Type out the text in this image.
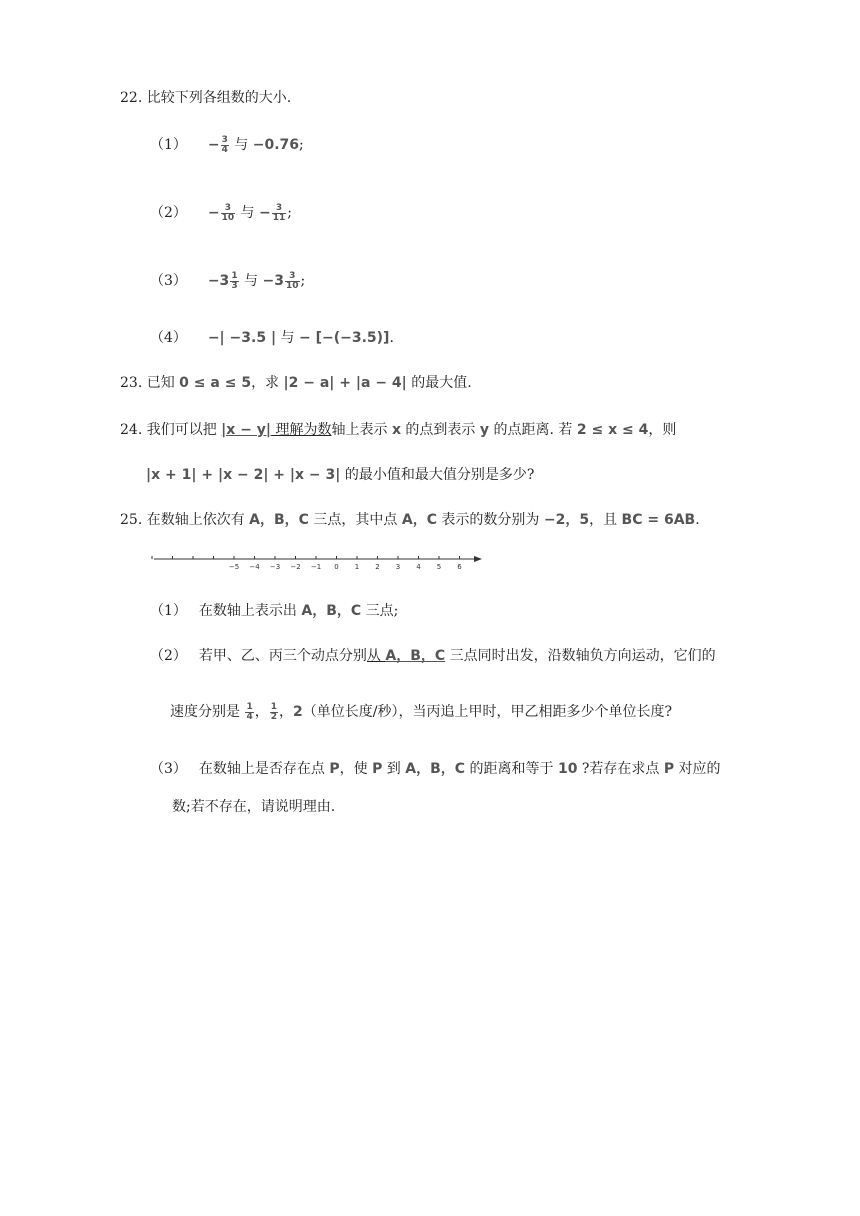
22. 比较下列各组数的大小.
$(1) - \frac{3}{4}$ 与 −0.76;
$(2) - \frac{3}{10}$ 与 − $\frac{3}{11}$ ;
$(3) -3 \frac{1}{3}$ 与 $-3 \frac{3}{10}$ ;
（4） −| −3.5 | 与 − [−(−3.5)].
23. 已知 0 ≤ a ≤ 5，求 |2 − a| + |a − 4| 的最大值.
24. 我们可以把 |x − y| 理解为数轴上表示 x 的点到表示 y 的点距离. 若 2 ≤ x ≤ 4，则
|x + 1| + |x − 2| + |x − 3| 的最小值和最大值分别是多少?
25. 在数轴上依次有 A，B，C 三点，其中点 A，C 表示的数分别为 −2，5，且 BC = 6AB.
−5 −4 −3 −2 −1 0 1 2 3 4 5 6
（1） 在数轴上表示出 A，B，C 三点;
（2） 若甲、乙、丙三个动点分别从 A，B，C 三点同时出发，沿数轴负方向运动，它们的
速度分别是 $\frac{1}{4}$ ， $\frac{1}{2}$ ，2（单位长度/秒），当丙追上甲时，甲乙相距多少个单位长度?
（3） 在数轴上是否存在点 P，使 P 到 A，B，C 的距离和等于 10 ?若存在求点 P 对应的
数;若不存在，请说明理由.
